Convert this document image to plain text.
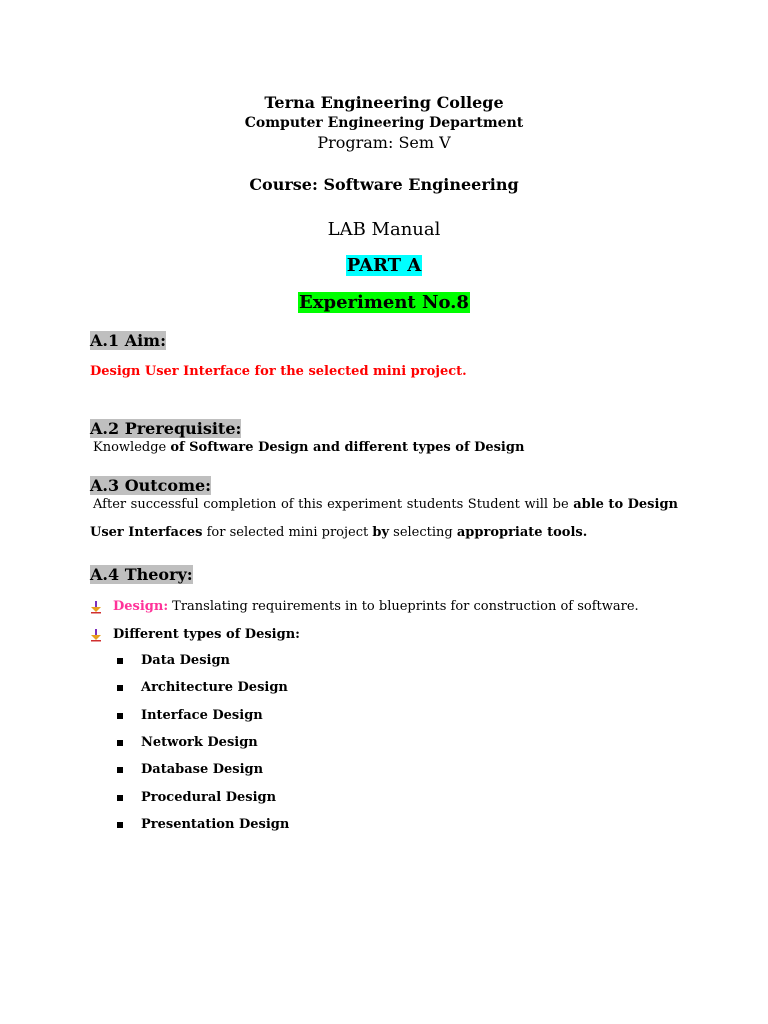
Terna Engineering College
Computer Engineering Department
Program: Sem V
Course: Software Engineering
LAB Manual
PART A
Experiment No.8
A.1 Aim:
Design User Interface for the selected mini project.
A.2 Prerequisite:
Knowledge of Software Design and different types of Design
A.3 Outcome:
After successful completion of this experiment students Student will be able to Design
User Interfaces for selected mini project by selecting appropriate tools.
A.4 Theory:
Design: Translating requirements in to blueprints for construction of software.
Different types of Design:
Data Design
Architecture Design
Interface Design
Network Design
Database Design
Procedural Design
Presentation Design
